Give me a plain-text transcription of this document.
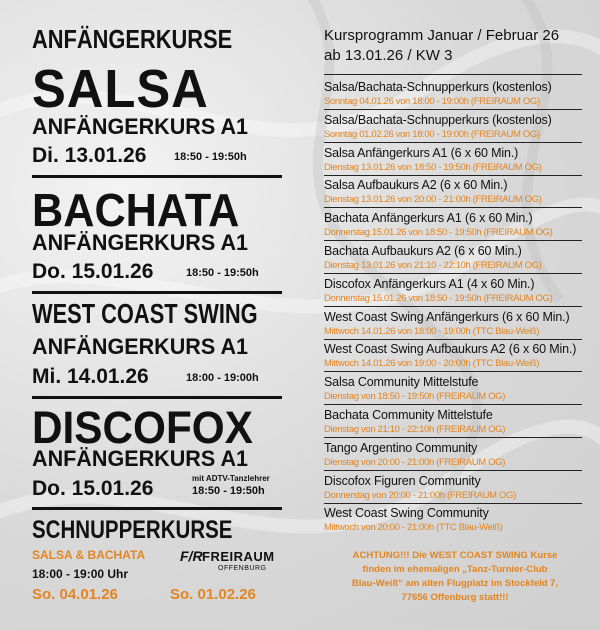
ANFÄNGERKURSE
SALSA
ANFÄNGERKURS A1
Di. 13.01.26	18:50 - 19:50h
BACHATA
ANFÄNGERKURS A1
Do. 15.01.26	18:50 - 19:50h
WEST COAST SWING
ANFÄNGERKURS A1
Mi. 14.01.26	18:00 - 19:00h
DISCOFOX
ANFÄNGERKURS A1
Do. 15.01.26	mit ADTV-Tanzlehrer
18:50 - 19:50h
SCHNUPPERKURSE
SALSA & BACHATA
18:00 - 19:00 Uhr
So. 04.01.26	So. 01.02.26
F/R FREIRAUM
OFFENBURG
Kursprogramm Januar / Februar 26
ab 13.01.26 / KW 3
Salsa/Bachata-Schnupperkurs (kostenlos)
Sonntag 04.01.26 von 18:00 - 19:00h (FREIRAUM OG)
Salsa/Bachata-Schnupperkurs (kostenlos)
Sonntag 01.02.26 von 18:00 - 19:00h (FREIRAUM OG)
Salsa Anfängerkurs A1 (6 x 60 Min.)
Dienstag 13.01.26 von 18:50 - 19:50h (FREIRAUM OG)
Salsa Aufbaukurs A2 (6 x 60 Min.)
Dienstag 13.01.26 von 20:00 - 21:00h (FREIRAUM OG)
Bachata Anfängerkurs A1 (6 x 60 Min.)
Donnerstag 15.01.26 von 18:50 - 19:50h (FREIRAUM OG)
Bachata Aufbaukurs A2 (6 x 60 Min.)
Dienstag 13.01.26 von 21:10 - 22:10h (FREIRAUM OG)
Discofox Anfängerkurs A1 (4 x 60 Min.)
Donnerstag 15.01.26 von 18:50 - 19:50h (FREIRAUM OG)
West Coast Swing Anfängerkurs (6 x 60 Min.)
Mittwoch 14.01.26 von 18:00 - 19:00h (TTC Blau-Weiß)
West Coast Swing Aufbaukurs A2 (6 x 60 Min.)
Mittwoch 14.01.26 von 19:00 - 20:00h (TTC Blau-Weiß)
Salsa Community Mittelstufe
Dienstag von 18:50 - 19:50h (FREIRAUM OG)
Bachata Community Mittelstufe
Dienstag von 21:10 - 22:10h (FREIRAUM OG)
Tango Argentino Community
Dienstag von 20:00 - 21:00h (FREIRAUM OG)
Discofox Figuren Community
Donnerstag von 20:00 - 21:00h (FREIRAUM OG)
West Coast Swing Community
Mittwoch von 20:00 - 21:00h (TTC Blau-Weiß)
ACHTUNG!!! Die WEST COAST SWING Kurse
finden im ehemaligen „Tanz-Turnier-Club
Blau-Weiß“ am alten Flugplatz im Stockfeld 7,
77656 Offenburg statt!!!
